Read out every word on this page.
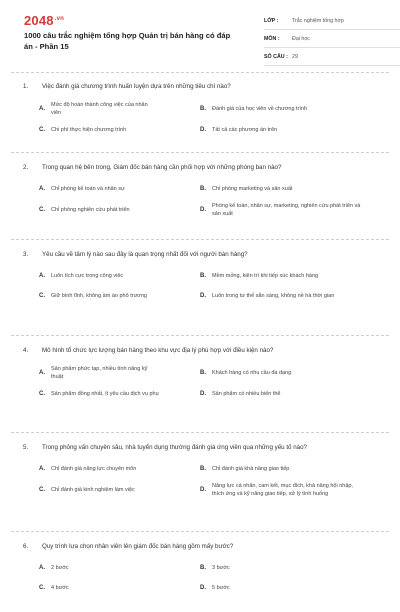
$2048^{.vn}$
1000 câu trắc nghiệm tổng hợp Quản trị bán hàng có đáp án - Phần 15
LỚP :	Trắc nghiệm tổng hợp
MÔN :	Đại học
SỐ CÂU : 29
1.	Việc đánh giá chương trình huấn luyện dựa trên những tiêu chí nào?
A.
Mức độ hoàn thành công việc của nhân viên
B.	Đánh giá của học viên về chương trình
C.	Chi phí thực hiện chương trình	D.	Tất cả các phương án trên
2.	Trong quan hệ bên trong, Giám đốc bán hàng cần phối hợp với những phòng ban nào?
A.	Chỉ phòng kế toán và nhân sự	B.	Chỉ phòng marketing và sản xuất
C.	Chỉ phòng nghiên cứu phát triển	D.
Phòng kế toán, nhân sự, marketing, nghiên cứu phát triển và sản xuất
3.	Yêu cầu về tâm lý nào sau đây là quan trọng nhất đối với người bán hàng?
A.	Luôn tích cực trong công việc	B.	Mềm mỏng, kiên trì khi tiếp xúc khách hàng
C.	Giữ bình tĩnh, không ầm ào phô trương	D.	Luôn trong tư thế sẵn sàng, không nề hà thời gian
4.	Mô hình tổ chức lực lượng bán hàng theo khu vực địa lý phù hợp với điều kiện nào?
A.
Sản phẩm phức tạp, nhiều tính năng kỹ thuật
B.	Khách hàng có nhu cầu đa dạng
C.	Sản phẩm đồng nhất, ít yêu cầu dịch vụ phụ	D.	Sản phẩm có nhiều biến thể
5.	Trong phỏng vấn chuyên sâu, nhà tuyển dụng thường đánh giá ứng viên qua những yếu tố nào?
A.	Chỉ đánh giá năng lực chuyên môn	B.	Chỉ đánh giá khả năng giao tiếp
C.	Chỉ đánh giá kinh nghiệm làm việc	D.
Năng lực cá nhân, cam kết, mục đích, khả năng hội nhập, thích ứng và kỹ năng giao tiếp, xử lý tình huống
6.	Quy trình lựa chọn nhân viên lên giám đốc bán hàng gồm mấy bước?
A.	2 bước	B.	3 bước
C.	4 bước	D.	5 bước
